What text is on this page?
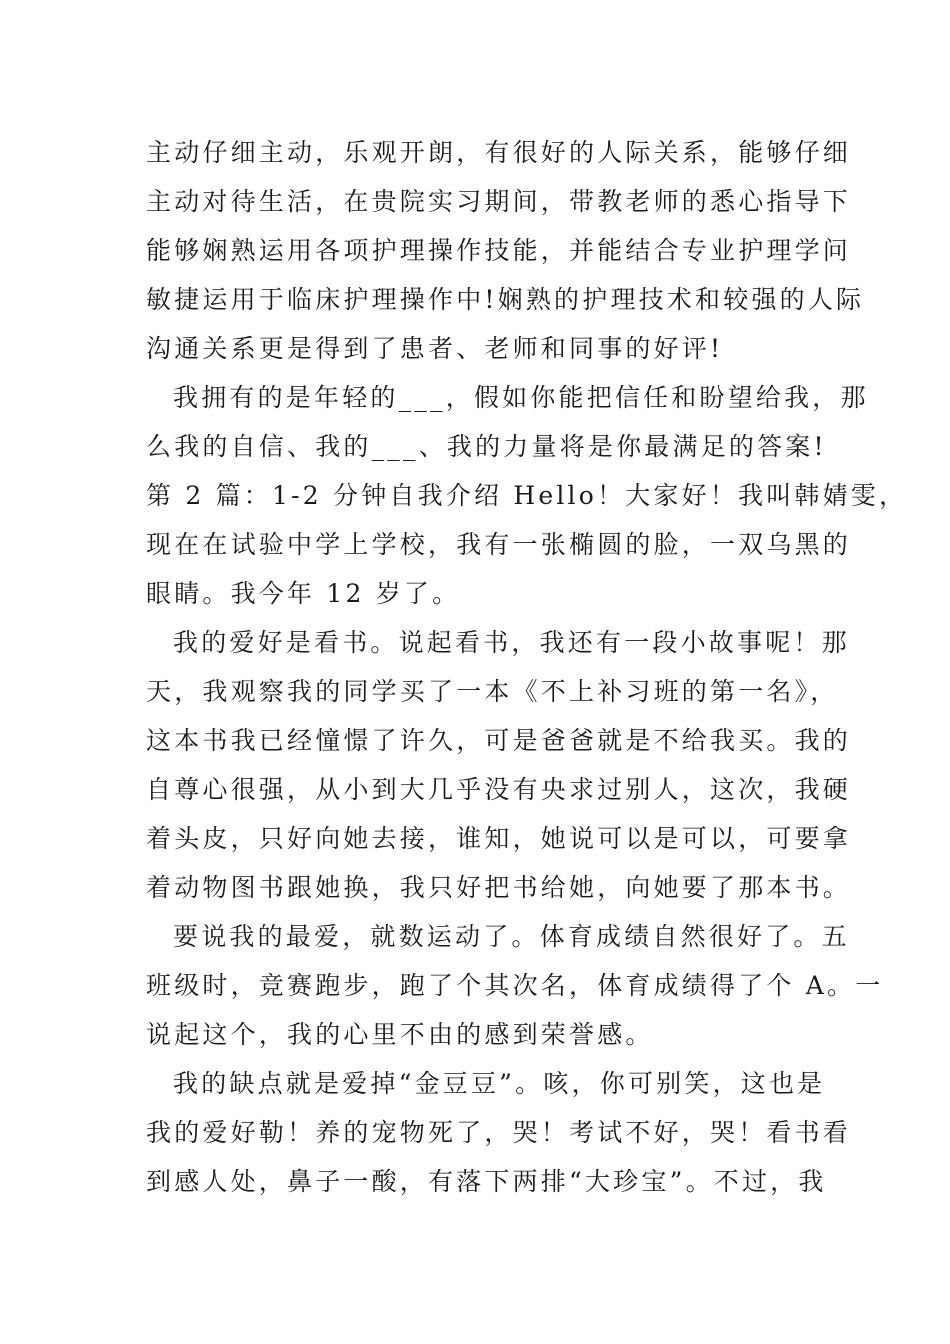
主动仔细主动，乐观开朗，有很好的人际关系，能够仔细
主动对待生活，在贵院实习期间，带教老师的悉心指导下
能够娴熟运用各项护理操作技能，并能结合专业护理学问
敏捷运用于临床护理操作中!娴熟的护理技术和较强的人际
沟通关系更是得到了患者、老师和同事的好评!
我拥有的是年轻的___，假如你能把信任和盼望给我，那
么我的自信、我的___、我的力量将是你最满足的答案!
第 2 篇：1-2 分钟自我介绍 Hello！大家好！我叫韩婧雯，
现在在试验中学上学校，我有一张椭圆的脸，一双乌黑的
眼睛。我今年 12 岁了。
我的爱好是看书。说起看书，我还有一段小故事呢！那
天，我观察我的同学买了一本《不上补习班的第一名》，
这本书我已经憧憬了许久，可是爸爸就是不给我买。我的
自尊心很强，从小到大几乎没有央求过别人，这次，我硬
着头皮，只好向她去接，谁知，她说可以是可以，可要拿
着动物图书跟她换，我只好把书给她，向她要了那本书。
要说我的最爱，就数运动了。体育成绩自然很好了。五
班级时，竞赛跑步，跑了个其次名，体育成绩得了个 A。一
说起这个，我的心里不由的感到荣誉感。
我的缺点就是爱掉“金豆豆”。咳，你可别笑，这也是
我的爱好勒！养的宠物死了，哭！考试不好，哭！看书看
到感人处，鼻子一酸，有落下两排“大珍宝”。不过，我
